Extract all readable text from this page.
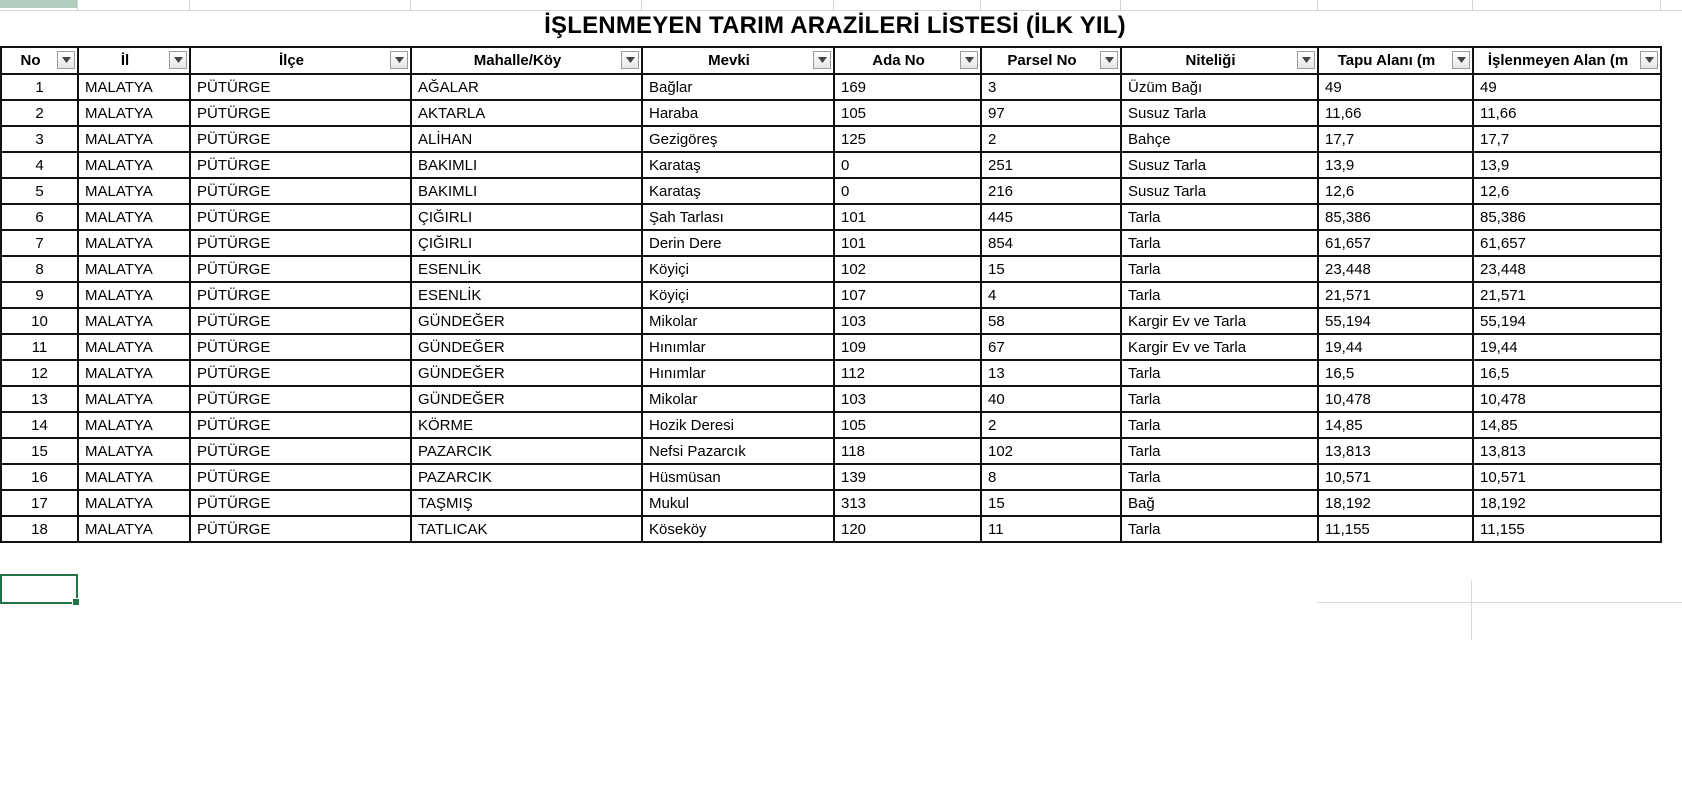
İŞLENMEYEN TARIM ARAZİLERİ LİSTESİ (İLK YIL)
No	İl	İlçe	Mahalle/Köy	Mevki	Ada No	Parsel No	Niteliği	Tapu Alanı (m	İşlenmeyen Alan (m

1	MALATYA	PÜTÜRGE	AĞALAR	Bağlar	169	3	Üzüm Bağı	49	49
2	MALATYA	PÜTÜRGE	AKTARLA	Haraba	105	97	Susuz Tarla	11,66	11,66
3	MALATYA	PÜTÜRGE	ALİHAN	Gezigöreş	125	2	Bahçe	17,7	17,7
4	MALATYA	PÜTÜRGE	BAKIMLI	Karataş	0	251	Susuz Tarla	13,9	13,9
5	MALATYA	PÜTÜRGE	BAKIMLI	Karataş	0	216	Susuz Tarla	12,6	12,6
6	MALATYA	PÜTÜRGE	ÇIĞIRLI	Şah Tarlası	101	445	Tarla	85,386	85,386
7	MALATYA	PÜTÜRGE	ÇIĞIRLI	Derin Dere	101	854	Tarla	61,657	61,657
8	MALATYA	PÜTÜRGE	ESENLİK	Köyiçi	102	15	Tarla	23,448	23,448
9	MALATYA	PÜTÜRGE	ESENLİK	Köyiçi	107	4	Tarla	21,571	21,571
10	MALATYA	PÜTÜRGE	GÜNDEĞER	Mikolar	103	58	Kargir Ev ve Tarla	55,194	55,194
11	MALATYA	PÜTÜRGE	GÜNDEĞER	Hınımlar	109	67	Kargir Ev ve Tarla	19,44	19,44
12	MALATYA	PÜTÜRGE	GÜNDEĞER	Hınımlar	112	13	Tarla	16,5	16,5
13	MALATYA	PÜTÜRGE	GÜNDEĞER	Mikolar	103	40	Tarla	10,478	10,478
14	MALATYA	PÜTÜRGE	KÖRME	Hozik Deresi	105	2	Tarla	14,85	14,85
15	MALATYA	PÜTÜRGE	PAZARCIK	Nefsi Pazarcık	118	102	Tarla	13,813	13,813
16	MALATYA	PÜTÜRGE	PAZARCIK	Hüsmüsan	139	8	Tarla	10,571	10,571
17	MALATYA	PÜTÜRGE	TAŞMIŞ	Mukul	313	15	Bağ	18,192	18,192
18	MALATYA	PÜTÜRGE	TATLICAK	Köseköy	120	11	Tarla	11,155	11,155
